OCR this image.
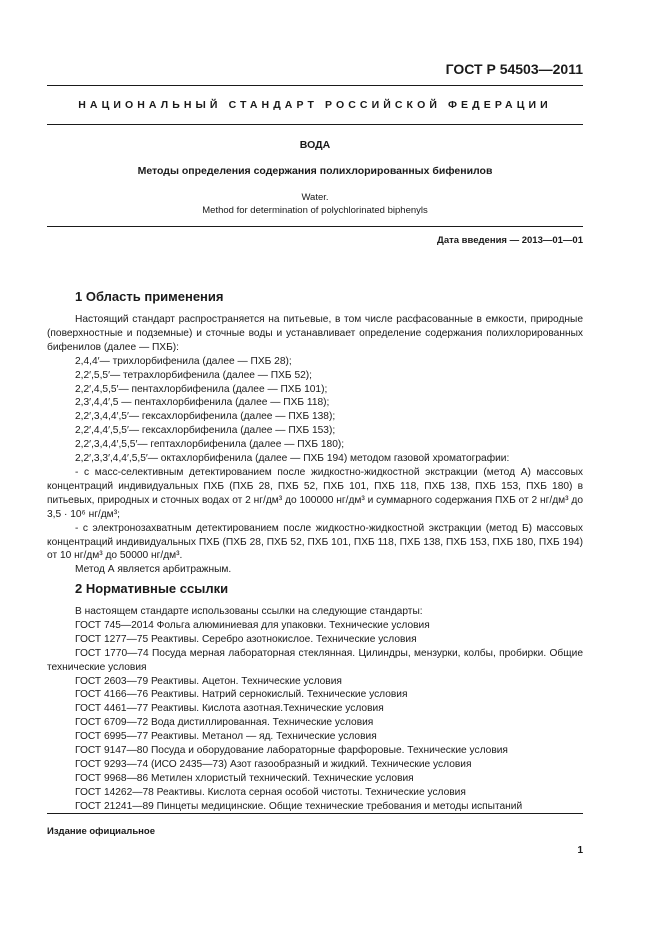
ГОСТ Р 54503—2011
НАЦИОНАЛЬНЫЙ СТАНДАРТ РОССИЙСКОЙ ФЕДЕРАЦИИ
ВОДА
Методы определения содержания полихлорированных бифенилов
Water.
Method for determination of polychlorinated biphenyls
Дата введения — 2013—01—01
1 Область применения

Настоящий стандарт распространяется на питьевые, в том числе расфасованные в емкости, природные (поверхностные и подземные) и сточные воды и устанавливает определение содержания полихлорированных бифенилов (далее — ПХБ):

2,4,4′— трихлорбифенила (далее — ПХБ 28);

2,2′,5,5′— тетрахлорбифенила (далее — ПХБ 52);

2,2′,4,5,5′— пентахлорбифенила (далее — ПХБ 101);

2,3′,4,4′,5 — пентахлорбифенила (далее — ПХБ 118);

2,2′,3,4,4′,5′— гексахлорбифенила (далее — ПХБ 138);

2,2′,4,4′,5,5′— гексахлорбифенила (далее — ПХБ 153);

2,2′,3,4,4′,5,5′— гептахлорбифенила (далее — ПХБ 180);

2,2′,3,3′,4,4′,5,5′— октахлорбифенила (далее — ПХБ 194) методом газовой хроматографии:

- с масс-селективным детектированием после жидкостно-жидкостной экстракции (метод А) массовых концентраций индивидуальных ПХБ (ПХБ 28, ПХБ 52, ПХБ 101, ПХБ 118, ПХБ 138, ПХБ 153, ПХБ 180) в питьевых, природных и сточных водах от 2 нг/дм³ до 100000 нг/дм³ и суммарного содержания ПХБ от 2 нг/дм³ до 3,5 · 10⁶ нг/дм³;

- с электронозахватным детектированием после жидкостно-жидкостной экстракции (метод Б) массовых концентраций индивидуальных ПХБ (ПХБ 28, ПХБ 52, ПХБ 101, ПХБ 118, ПХБ 138, ПХБ 153, ПХБ 180, ПХБ 194) от 10 нг/дм³ до 50000 нг/дм³.

Метод А является арбитражным.

2 Нормативные ссылки

В настоящем стандарте использованы ссылки на следующие стандарты:

ГОСТ 745—2014 Фольга алюминиевая для упаковки. Технические условия

ГОСТ 1277—75 Реактивы. Серебро азотнокислое. Технические условия

ГОСТ 1770—74 Посуда мерная лабораторная стеклянная. Цилиндры, мензурки, колбы, пробирки. Общие технические условия

ГОСТ 2603—79 Реактивы. Ацетон. Технические условия

ГОСТ 4166—76 Реактивы. Натрий сернокислый. Технические условия

ГОСТ 4461—77 Реактивы. Кислота азотная.Технические условия

ГОСТ 6709—72 Вода дистиллированная. Технические условия

ГОСТ 6995—77 Реактивы. Метанол — яд. Технические условия

ГОСТ 9147—80 Посуда и оборудование лабораторные фарфоровые. Технические условия

ГОСТ 9293—74 (ИСО 2435—73) Азот газообразный и жидкий. Технические условия

ГОСТ 9968—86 Метилен хлористый технический. Технические условия

ГОСТ 14262—78 Реактивы. Кислота серная особой чистоты. Технические условия

ГОСТ 21241—89 Пинцеты медицинские. Общие технические требования и методы испытаний

Издание официальное
1
